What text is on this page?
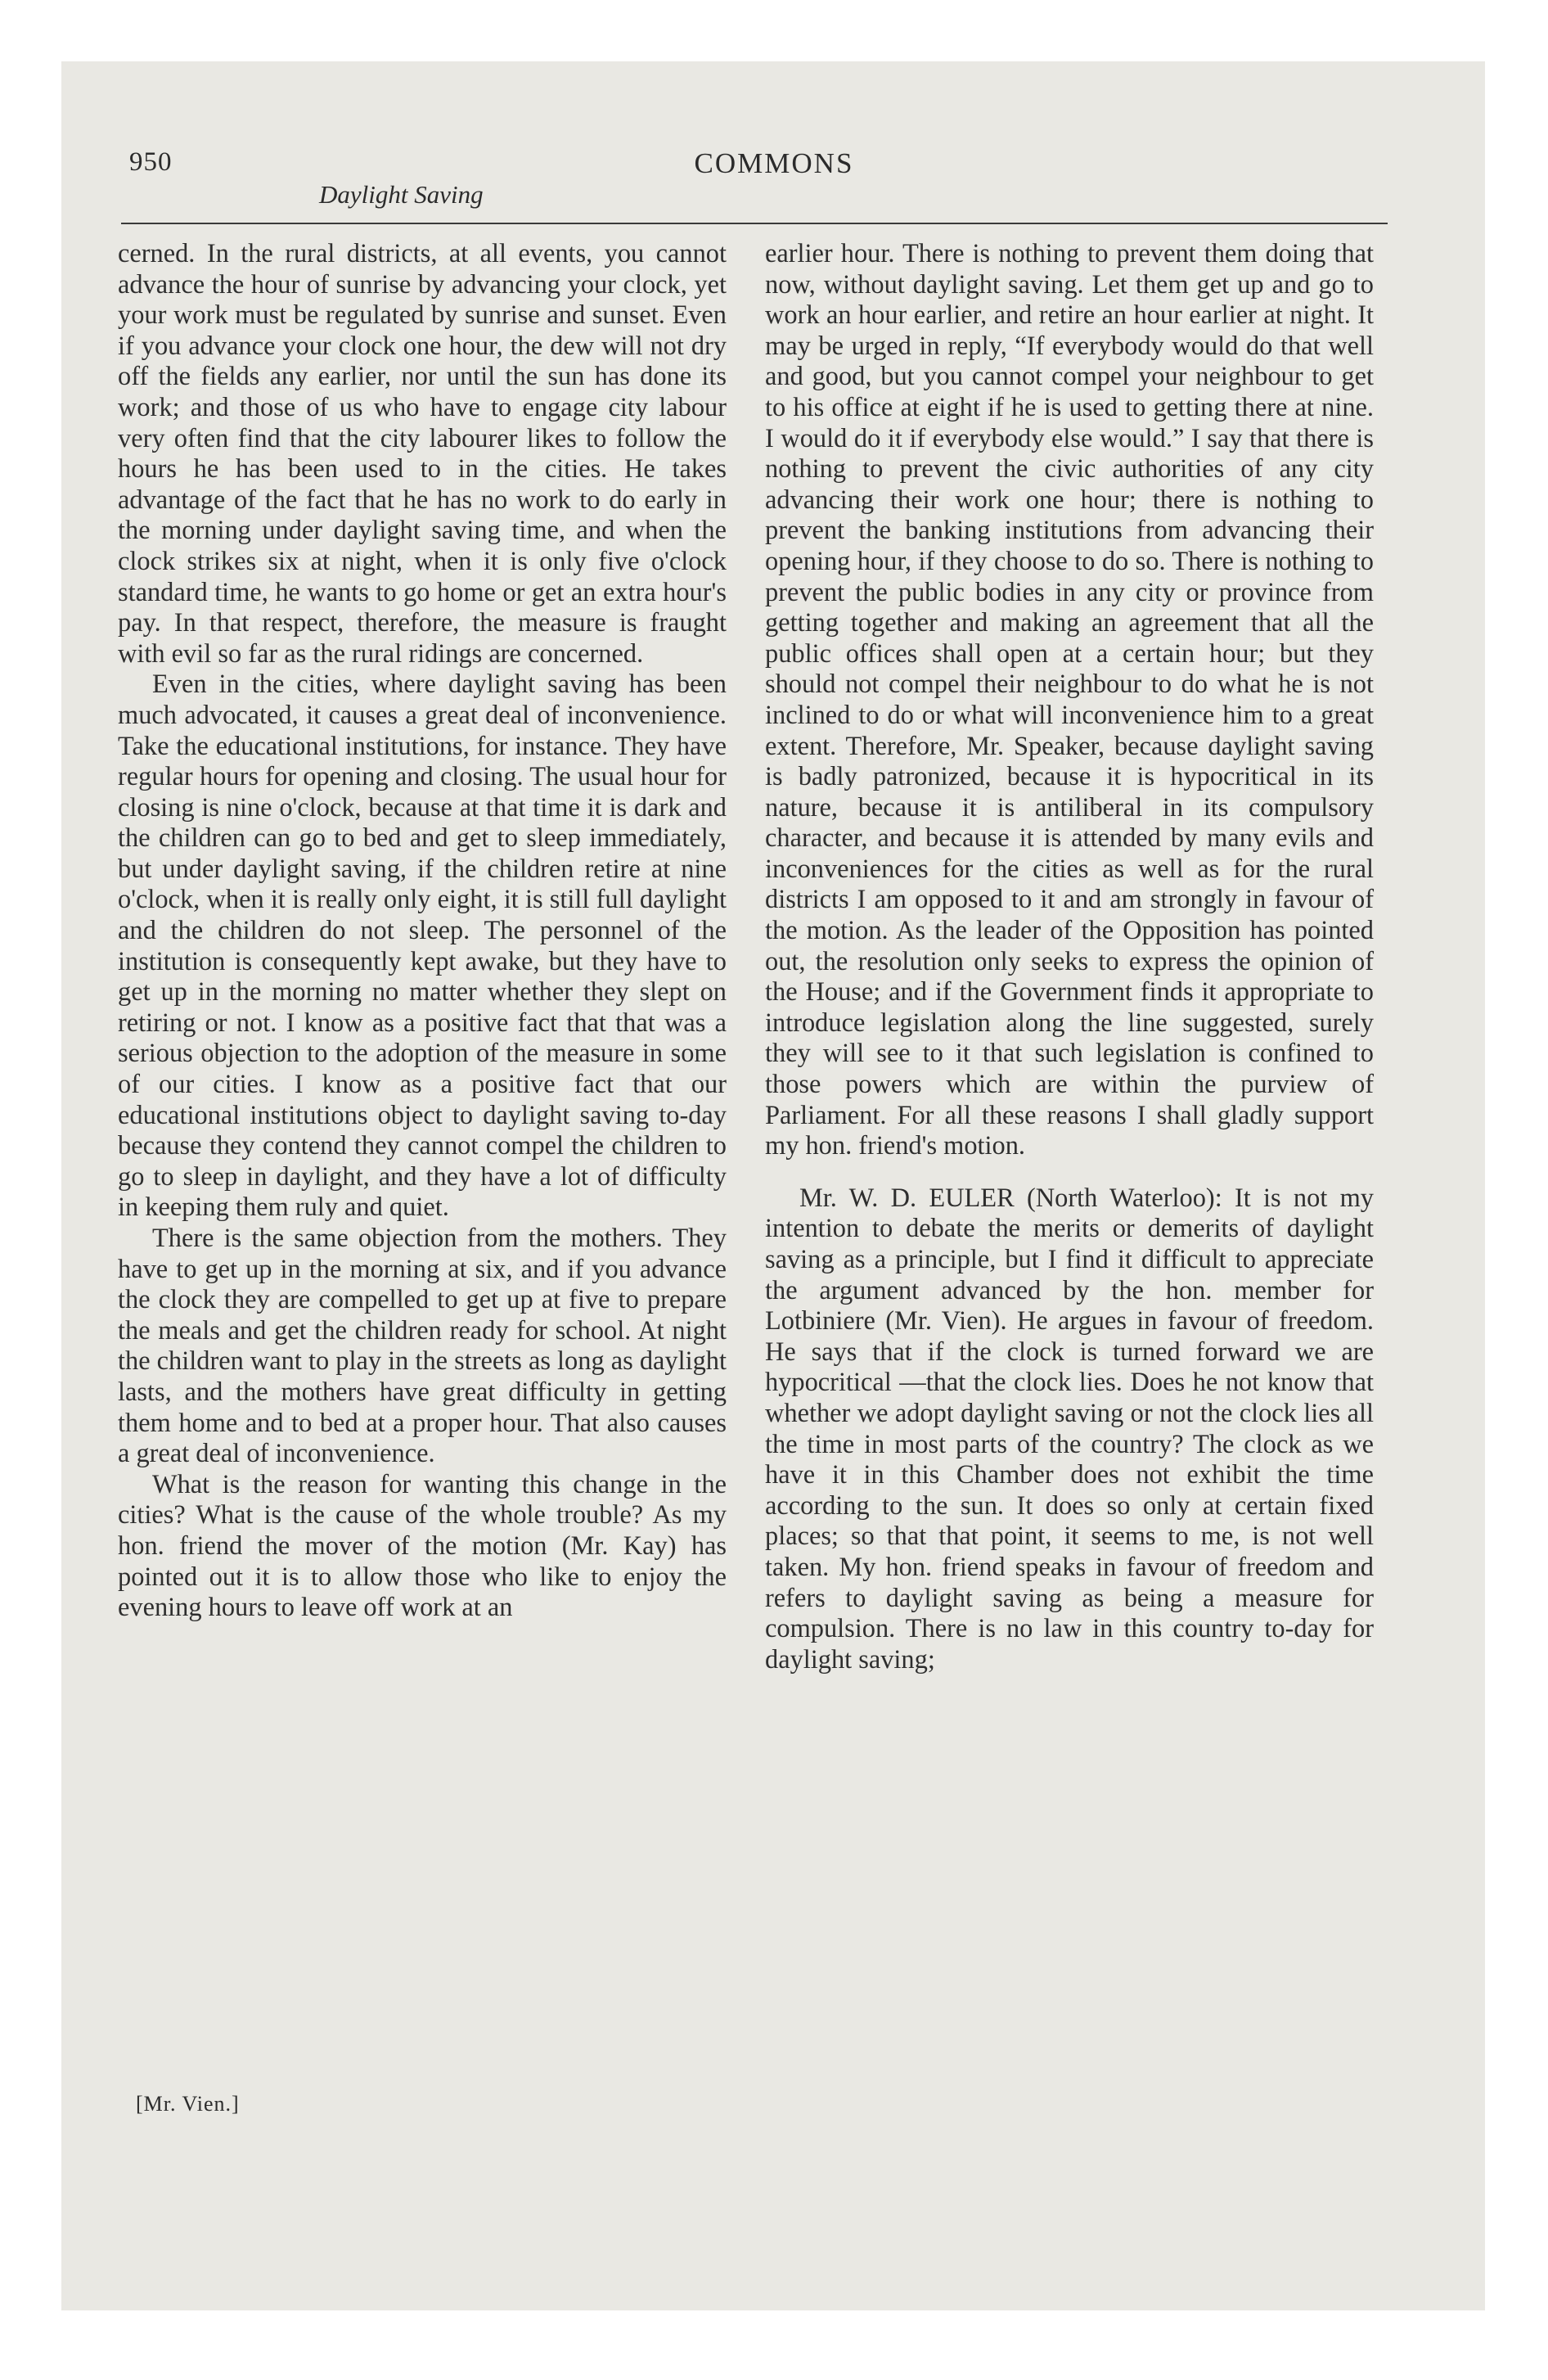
950	COMMONS
Daylight Saving

cerned. In the rural districts, at all events, you cannot advance the hour of sunrise by advancing your clock, yet your work must be regulated by sunrise and sunset. Even if you advance your clock one hour, the dew will not dry off the fields any earlier, nor until the sun has done its work; and those of us who have to engage city labour very often find that the city labourer likes to follow the hours he has been used to in the cities. He takes advantage of the fact that he has no work to do early in the morning under daylight saving time, and when the clock strikes six at night, when it is only five o'clock standard time, he wants to go home or get an extra hour's pay. In that respect, therefore, the measure is fraught with evil so far as the rural ridings are concerned.

Even in the cities, where daylight saving has been much advocated, it causes a great deal of inconvenience. Take the educational institutions, for instance. They have regular hours for opening and closing. The usual hour for closing is nine o'clock, because at that time it is dark and the children can go to bed and get to sleep immediately, but under daylight saving, if the children retire at nine o'clock, when it is really only eight, it is still full daylight and the children do not sleep. The personnel of the institution is consequently kept awake, but they have to get up in the morning no matter whether they slept on retiring or not. I know as a positive fact that that was a serious objection to the adoption of the measure in some of our cities. I know as a positive fact that our educational institutions object to daylight saving to-day because they contend they cannot compel the children to go to sleep in daylight, and they have a lot of difficulty in keeping them ruly and quiet.

There is the same objection from the mothers. They have to get up in the morning at six, and if you advance the clock they are compelled to get up at five to prepare the meals and get the children ready for school. At night the children want to play in the streets as long as daylight lasts, and the mothers have great difficulty in getting them home and to bed at a proper hour. That also causes a great deal of inconvenience.

What is the reason for wanting this change in the cities? What is the cause of the whole trouble? As my hon. friend the mover of the motion (Mr. Kay) has pointed out it is to allow those who like to enjoy the evening hours to leave off work at an

earlier hour. There is nothing to prevent them doing that now, without daylight saving. Let them get up and go to work an hour earlier, and retire an hour earlier at night. It may be urged in reply, “If everybody would do that well and good, but you cannot compel your neighbour to get to his office at eight if he is used to getting there at nine. I would do it if everybody else would.” I say that there is nothing to prevent the civic authorities of any city advancing their work one hour; there is nothing to prevent the banking institutions from advancing their opening hour, if they choose to do so. There is nothing to prevent the public bodies in any city or province from getting together and making an agreement that all the public offices shall open at a certain hour; but they should not compel their neighbour to do what he is not inclined to do or what will inconvenience him to a great extent. Therefore, Mr. Speaker, because daylight saving is badly patronized, because it is hypocritical in its nature, because it is antiliberal in its compulsory character, and because it is attended by many evils and inconveniences for the cities as well as for the rural districts I am opposed to it and am strongly in favour of the motion. As the leader of the Opposition has pointed out, the resolution only seeks to express the opinion of the House; and if the Government finds it appropriate to introduce legislation along the line suggested, surely they will see to it that such legislation is confined to those powers which are within the purview of Parliament. For all these reasons I shall gladly support my hon. friend's motion.

Mr. W. D. EULER (North Waterloo): It is not my intention to debate the merits or demerits of daylight saving as a principle, but I find it difficult to appreciate the argument advanced by the hon. member for Lotbiniere (Mr. Vien). He argues in favour of freedom. He says that if the clock is turned forward we are hypocritical —that the clock lies. Does he not know that whether we adopt daylight saving or not the clock lies all the time in most parts of the country? The clock as we have it in this Chamber does not exhibit the time according to the sun. It does so only at certain fixed places; so that that point, it seems to me, is not well taken. My hon. friend speaks in favour of freedom and refers to daylight saving as being a measure for compulsion. There is no law in this country to-day for daylight saving;

[Mr. Vien.]
